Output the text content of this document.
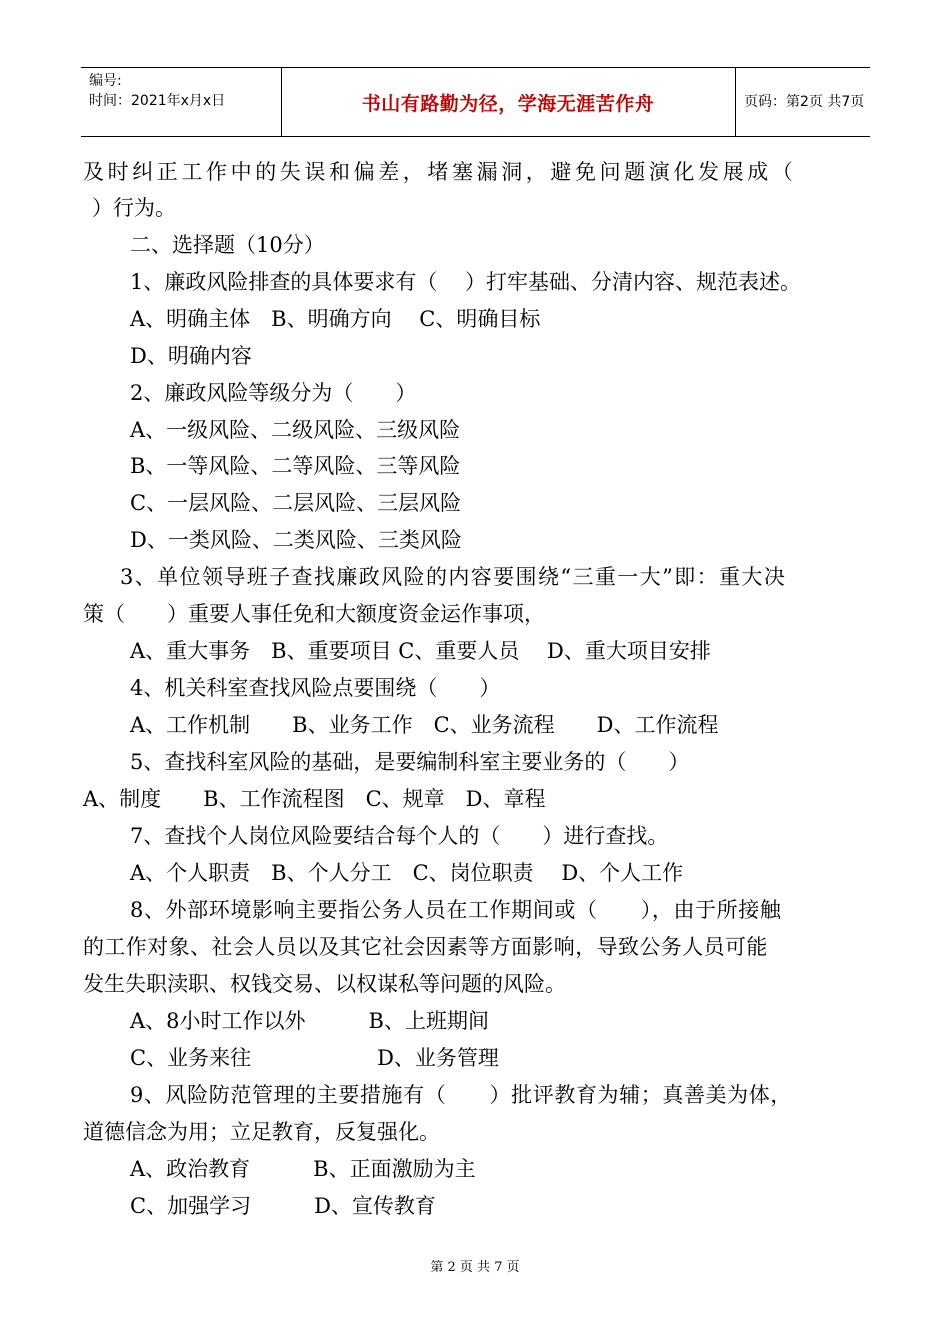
编号:
时间：2021年x月x日	书山有路勤为径，学海无涯苦作舟	页码：第2页 共7页
及时纠正工作中的失误和偏差，堵塞漏洞，避免问题演化发展成（
）行为。
二、选择题（10分）
1、廉政风险排查的具体要求有（　 ）打牢基础、分清内容、规范表述。
A、明确主体　B、明确方向　 C、明确目标
D、明确内容
2、廉政风险等级分为（　　）
A、一级风险、二级风险、三级风险
B、一等风险、二等风险、三等风险
C、一层风险、二层风险、三层风险
D、一类风险、二类风险、三类风险
3、单位领导班子查找廉政风险的内容要围绕“三重一大”即：重大决
策（　　）重要人事任免和大额度资金运作事项，
A、重大事务　B、重要项目 C、重要人员　 D、重大项目安排
4、机关科室查找风险点要围绕（　　）
A、工作机制　　B、业务工作　C、业务流程　　D、工作流程
5、查找科室风险的基础，是要编制科室主要业务的（　　）
A、制度　　B、工作流程图　C、规章　D、章程
7、查找个人岗位风险要结合每个人的（　　）进行查找。
A、个人职责　B、个人分工　C、岗位职责　 D、个人工作
8、外部环境影响主要指公务人员在工作期间或（　　），由于所接触
的工作对象、社会人员以及其它社会因素等方面影响，导致公务人员可能
发生失职渎职、权钱交易、以权谋私等问题的风险。
A、8小时工作以外　　　B、上班期间
C、业务来往　　　　　　D、业务管理
9、风险防范管理的主要措施有（　　）批评教育为辅；真善美为体，
道德信念为用；立足教育，反复强化。
A、政治教育　　　B、正面激励为主
C、加强学习　　　D、宣传教育
第 2 页 共 7 页
